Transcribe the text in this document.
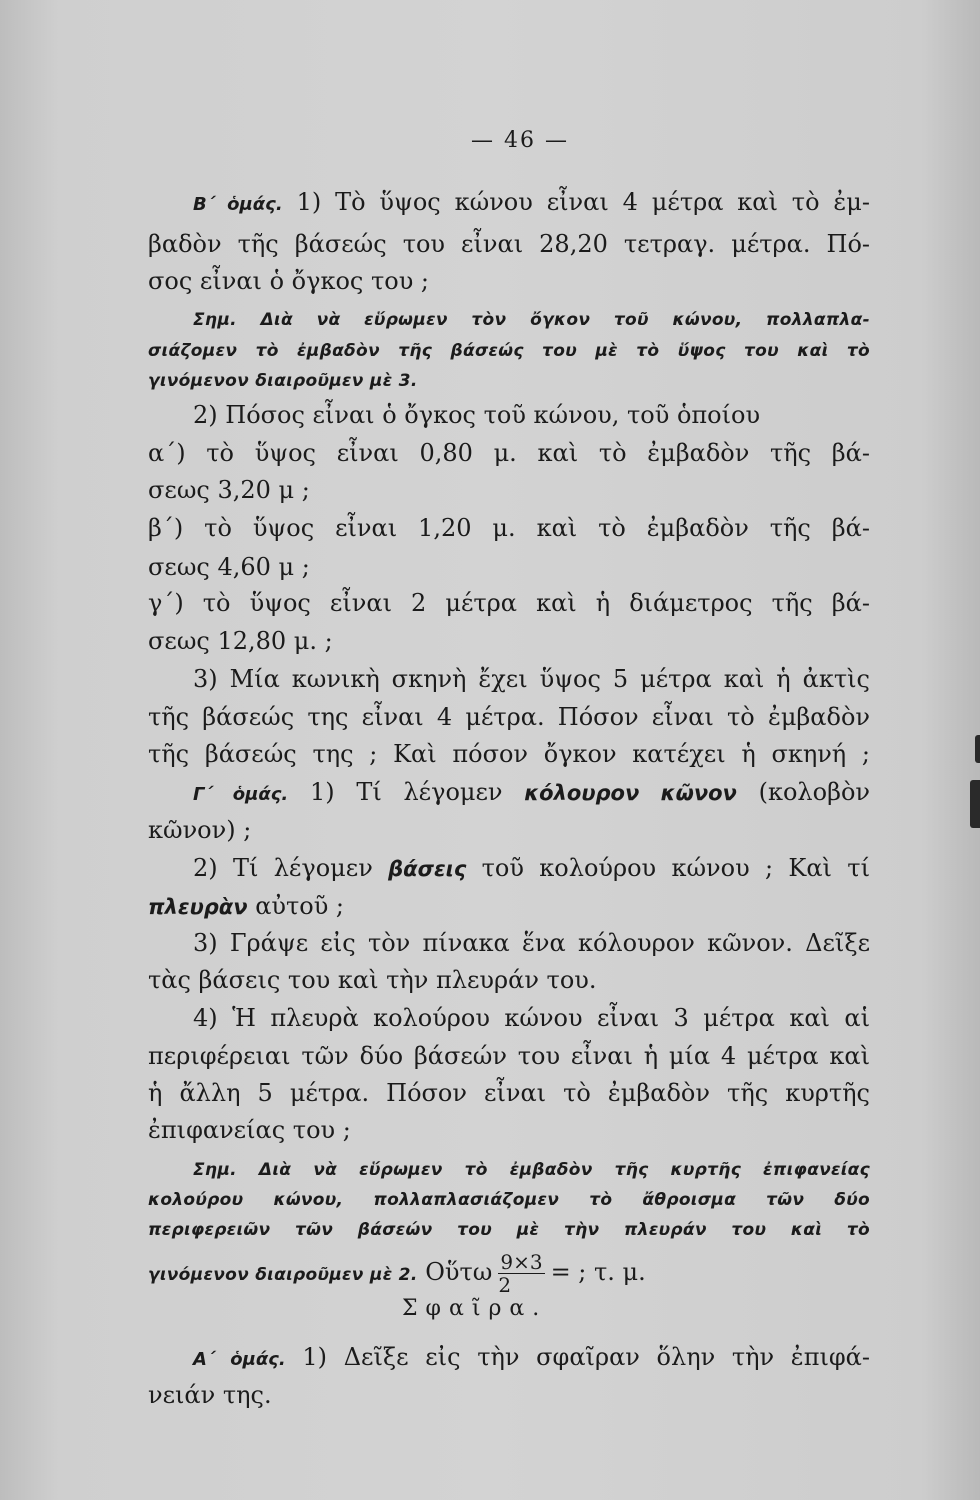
— 46 —
Β΄ ὁμάς. 1) Τὸ ὕψος κώνου εἶναι 4 μέτρα καὶ τὸ ἐμ-
βαδὸν τῆς βάσεώς του εἶναι 28,20 τετραγ. μέτρα. Πό-
σος εἶναι ὁ ὄγκος του ;
Σημ. Διὰ νὰ εὕρωμεν τὸν ὄγκον τοῦ κώνου, πολλαπλα-
σιάζομεν τὸ ἐμβαδὸν τῆς βάσεώς του μὲ τὸ ὕψος του καὶ τὸ
γινόμενον διαιροῦμεν μὲ 3.
2) Πόσος εἶναι ὁ ὄγκος τοῦ κώνου, τοῦ ὁποίου
α΄) τὸ ὕψος εἶναι 0,80 μ. καὶ τὸ ἐμβαδὸν τῆς βά-
σεως 3,20 μ ;
β΄) τὸ ὕψος εἶναι 1,20 μ. καὶ τὸ ἐμβαδὸν τῆς βά-
σεως 4,60 μ ;
γ΄) τὸ ὕψος εἶναι 2 μέτρα καὶ ἡ διάμετρος τῆς βά-
σεως 12,80 μ. ;
3) Μία κωνικὴ σκηνὴ ἔχει ὕψος 5 μέτρα καὶ ἡ ἀκτὶς
τῆς βάσεώς της εἶναι 4 μέτρα. Πόσον εἶναι τὸ ἐμβαδὸν
τῆς βάσεώς της ; Καὶ πόσον ὄγκον κατέχει ἡ σκηνή ;
Γ΄ ὁμάς. 1) Τί λέγομεν κόλουρον κῶνον (κολοβὸν
κῶνον) ;
2) Τί λέγομεν βάσεις τοῦ κολούρου κώνου ; Καὶ τί
πλευρὰν αὐτοῦ ;
3) Γράψε εἰς τὸν πίνακα ἕνα κόλουρον κῶνον. Δεῖξε
τὰς βάσεις του καὶ τὴν πλευράν του.
4) Ἡ πλευρὰ κολούρου κώνου εἶναι 3 μέτρα καὶ αἱ
περιφέρειαι τῶν δύο βάσεών του εἶναι ἡ μία 4 μέτρα καὶ
ἡ ἄλλη 5 μέτρα. Πόσον εἶναι τὸ ἐμβαδὸν τῆς κυρτῆς
ἐπιφανείας του ;
Σημ. Διὰ νὰ εὕρωμεν τὸ ἐμβαδὸν τῆς κυρτῆς ἐπιφανείας
κολούρου κώνου, πολλαπλασιάζομεν τὸ ἄθροισμα τῶν δύο
περιφερειῶν τῶν βάσεών του μὲ τὴν πλευράν του καὶ τὸ
γινόμενον διαιροῦμεν μὲ 2. Οὕτω $\frac{9\times 3}{2}$ = ; τ. μ.
Σφαῖρα.
Α΄ ὁμάς. 1) Δεῖξε εἰς τὴν σφαῖραν ὅλην τὴν ἐπιφά-
νειάν της.
